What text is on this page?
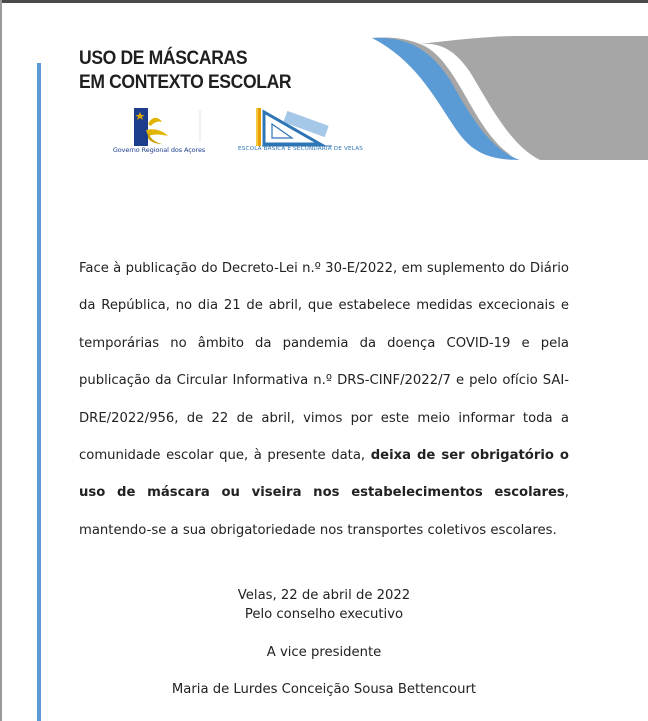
USO DE MÁSCARAS
EM CONTEXTO ESCOLAR
Governo Regional dos Açores	ESCOLA BÁSICA E SECUNDÁRIA DE VELAS

Face à publicação do Decreto-Lei n.º 30-E/2022, em suplemento do Diário da República, no dia 21 de abril, que estabelece medidas excecionais e temporárias no âmbito da pandemia da doença COVID-19 e pela publicação da Circular Informativa n.º DRS-CINF/2022/7 e pelo ofício SAI-DRE/2022/956, de 22 de abril, vimos por este meio informar toda a comunidade escolar que, à presente data, deixa de ser obrigatório o uso de máscara ou viseira nos estabelecimentos escolares, mantendo-se a sua obrigatoriedade nos transportes coletivos escolares.

Velas, 22 de abril de 2022
Pelo conselho executivo
A vice presidente
Maria de Lurdes Conceição Sousa Bettencourt
